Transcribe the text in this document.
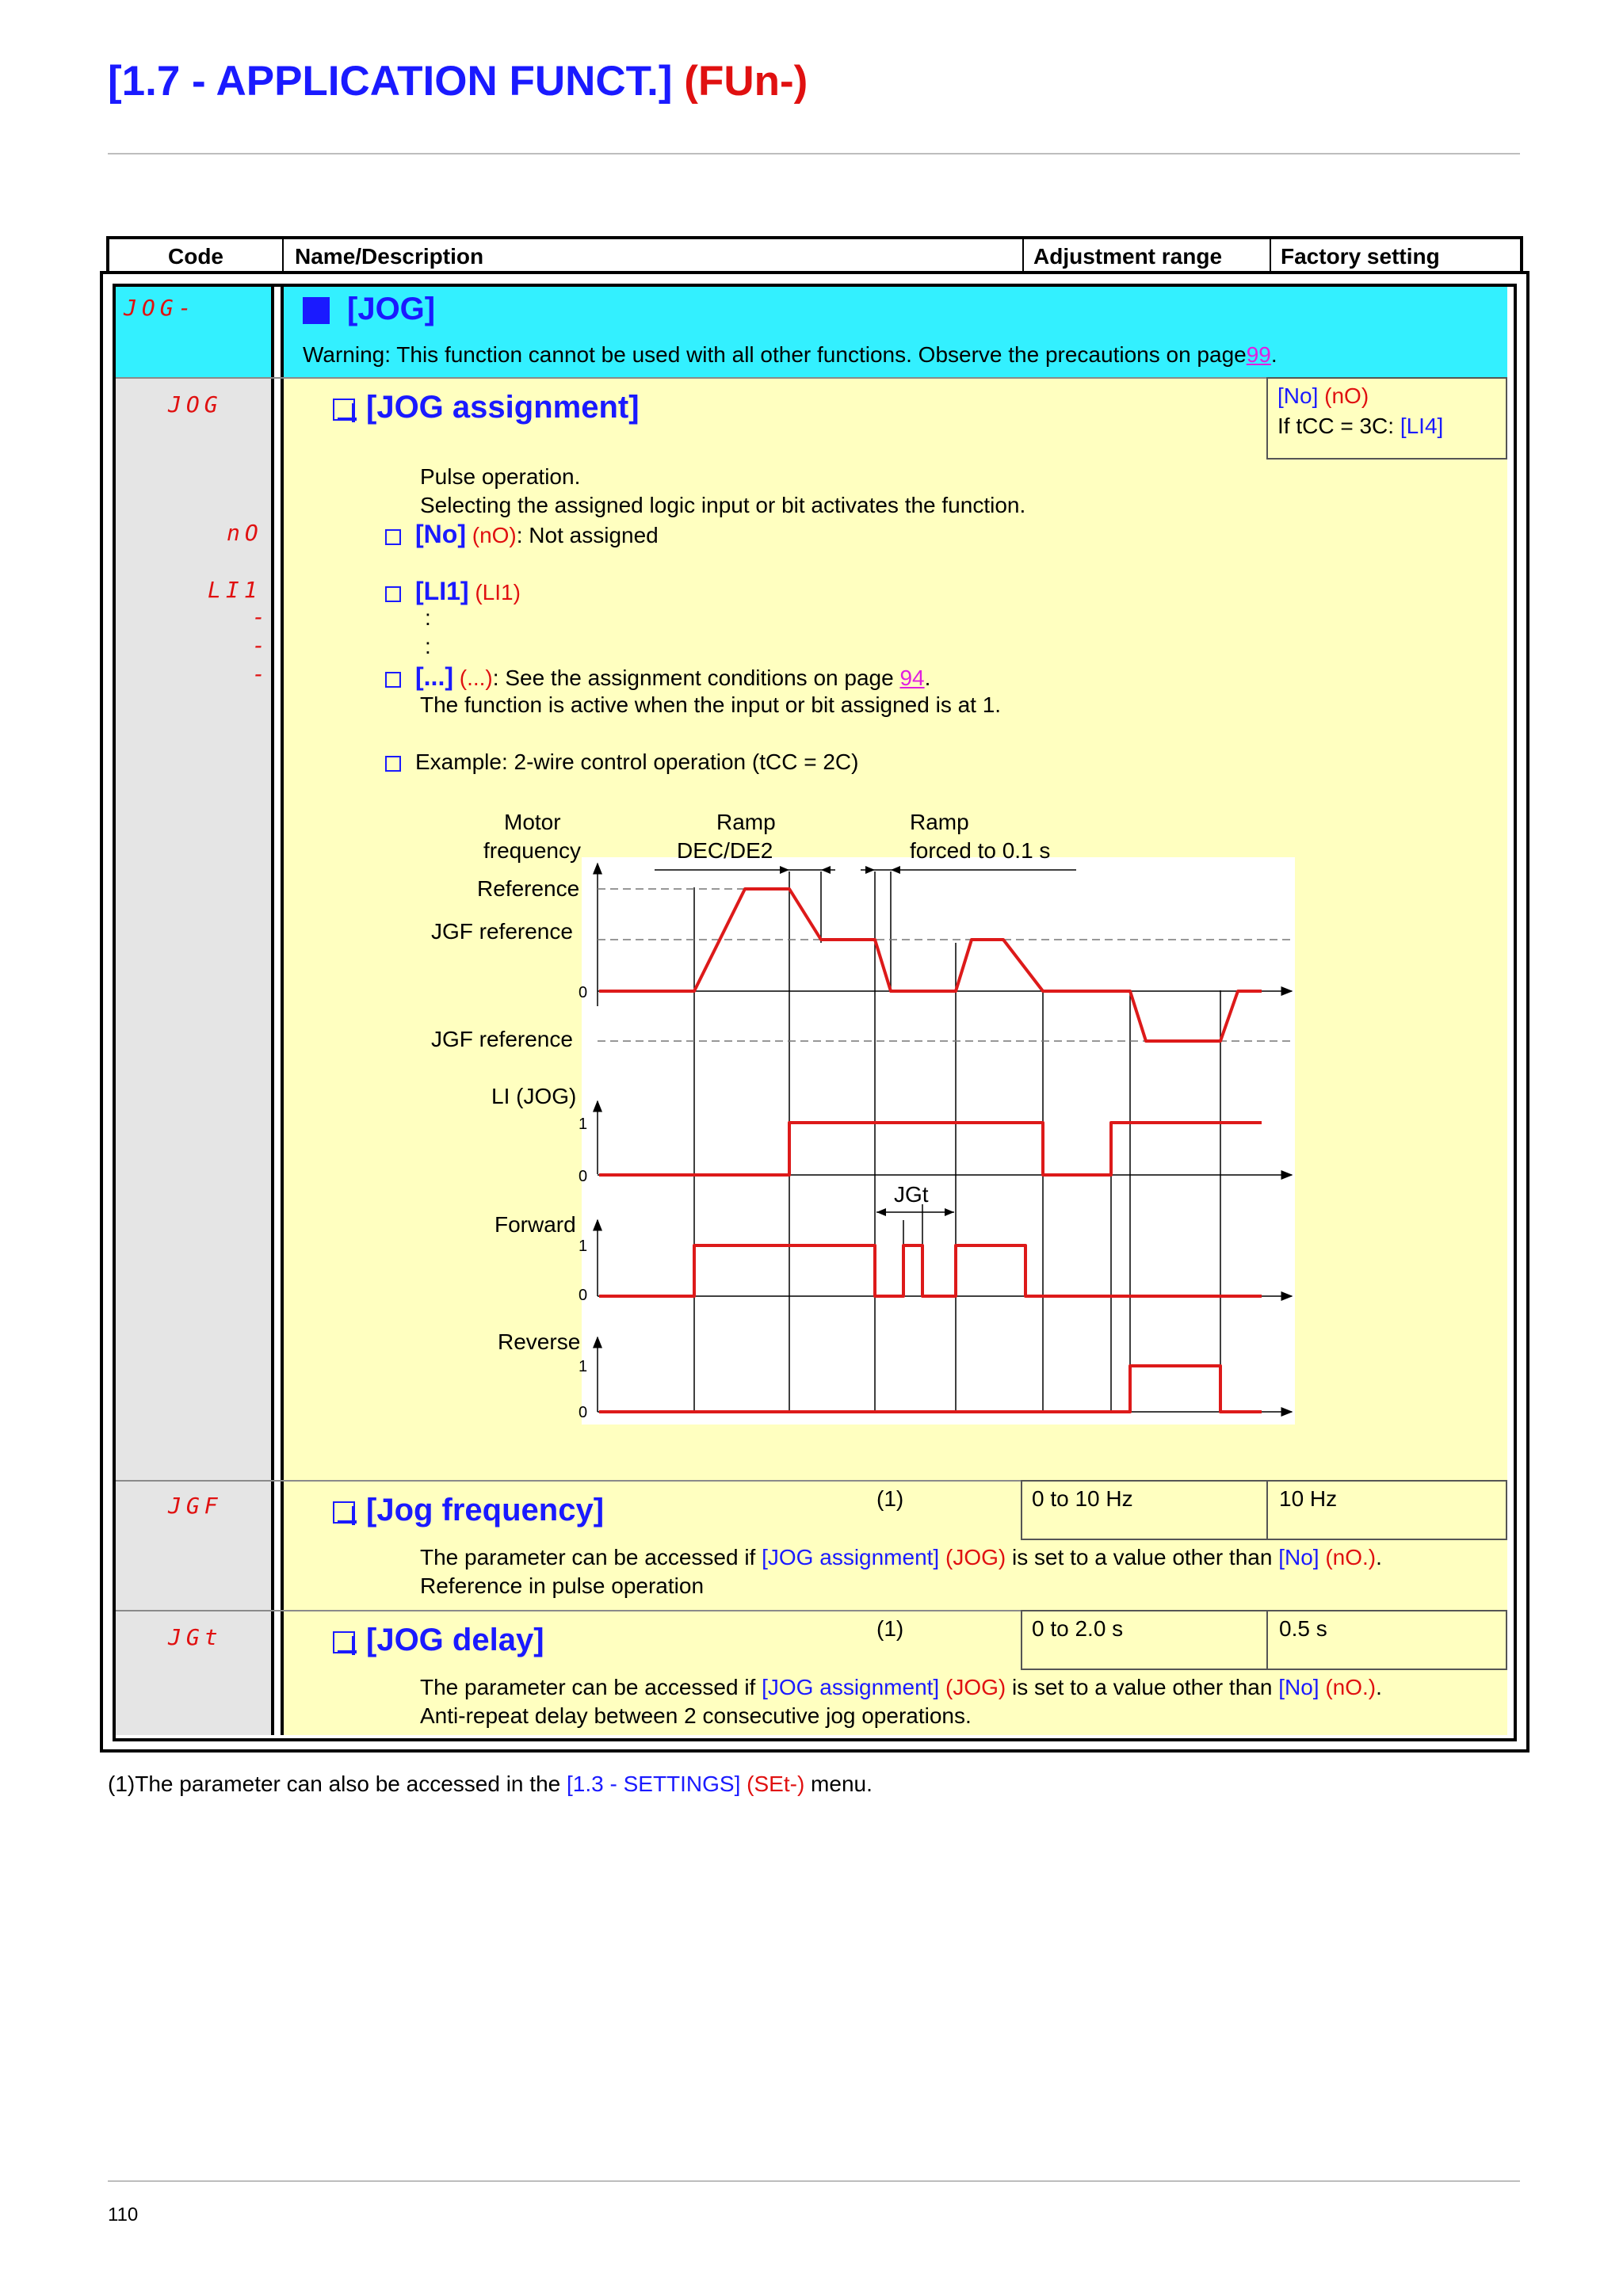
[1.7 - APPLICATION FUNCT.] (FUn-)
Code	Name/Description	Adjustment range	Factory setting
JOG-	[JOG]
Warning: This function cannot be used with all other functions. Observe the precautions on page99.
JOG	[JOG assignment]	[No] (nO)
If tCC = 3C: [LI4]
Pulse operation.
Selecting the assigned logic input or bit activates the function.
nO	[No] (nO): Not assigned
LI1	[LI1] (LI1)
-
-
-
:
:
[...] (...): See the assignment conditions on page 94.
The function is active when the input or bit assigned is at 1.
Example: 2-wire control operation (tCC = 2C)
Motor
frequency
Ramp
DEC/DE2
Ramp
forced to 0.1 s
Reference
JGF reference
JGF reference
LI (JOG)
Forward
Reverse
JGt
0
1
0
1
0
1
0
JGF	[Jog frequency]	(1)	0 to 10 Hz	10 Hz
The parameter can be accessed if [JOG assignment] (JOG) is set to a value other than [No] (nO.).
Reference in pulse operation
JGt	[JOG delay]	(1)	0 to 2.0 s	0.5 s
The parameter can be accessed if [JOG assignment] (JOG) is set to a value other than [No] (nO.).
Anti-repeat delay between 2 consecutive jog operations.
(1)The parameter can also be accessed in the [1.3 - SETTINGS] (SEt-) menu.
110
